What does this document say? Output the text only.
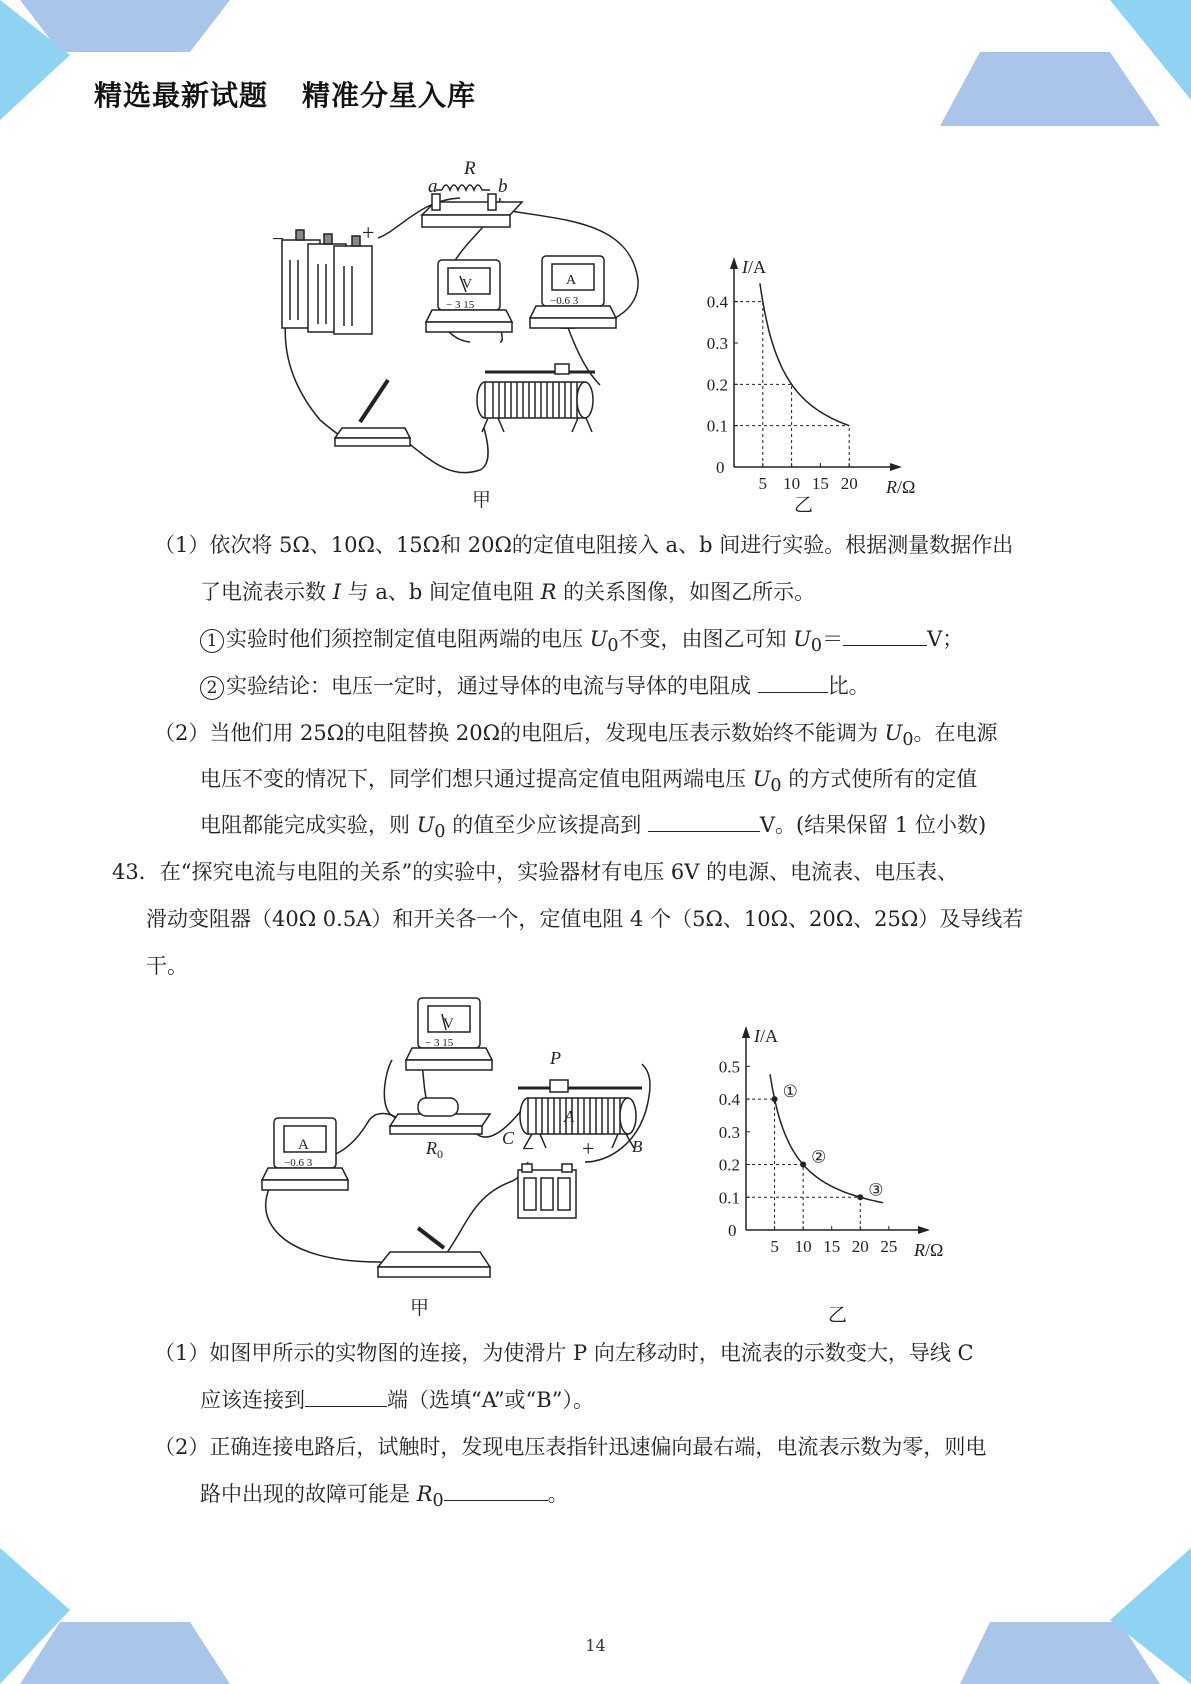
精选最新试题 精准分星入库
R
a	b
+
−
V
− 3 15
A
−0.6 3
甲
I/A
R/Ω
0
5 10 15 20
0.1
0.2
0.3
0.4
乙
（1）依次将 5Ω、10Ω、15Ω和 20Ω的定值电阻接入 a、b 间进行实验。根据测量数据作出
了电流表示数 I 与 a、b 间定值电阻 R 的关系图像，如图乙所示。
1 实验时他们须控制定值电阻两端的电压 $U_0$不变，由图乙可知 $U_0=$	V；
2 实验结论：电压一定时，通过导体的电流与导体的电阻成	比。
（2）当他们用 25Ω的电阻替换 20Ω的电阻后，发现电压表示数始终不能调为 $U_0$。在电源
电压不变的情况下，同学们想只通过提高定值电阻两端电压 $U_0$ 的方式使所有的定值
电阻都能完成实验，则 $U_0$ 的值至少应该提高到	V。(结果保留 1 位小数)
43．在“探究电流与电阻的关系”的实验中，实验器材有电压 6V 的电源、电流表、电压表、
滑动变阻器（40Ω 0.5A）和开关各一个，定值电阻 4 个（5Ω、10Ω、20Ω、25Ω）及导线若
干。
V
− 3 15
A
−0.6 3
$R_0$
C
P
A
B
− +
甲
I/A
R/Ω
0
5 10 15 20 25
0.1
0.2
0.3
0.4
0.5
①
②
③
乙
（1）如图甲所示的实物图的连接，为使滑片 P 向左移动时，电流表的示数变大，导线 C
应该连接到	端（选填“A”或“B”）。
（2）正确连接电路后，试触时，发现电压表指针迅速偏向最右端，电流表示数为零，则电
路中出现的故障可能是 $R_0$	。
14
